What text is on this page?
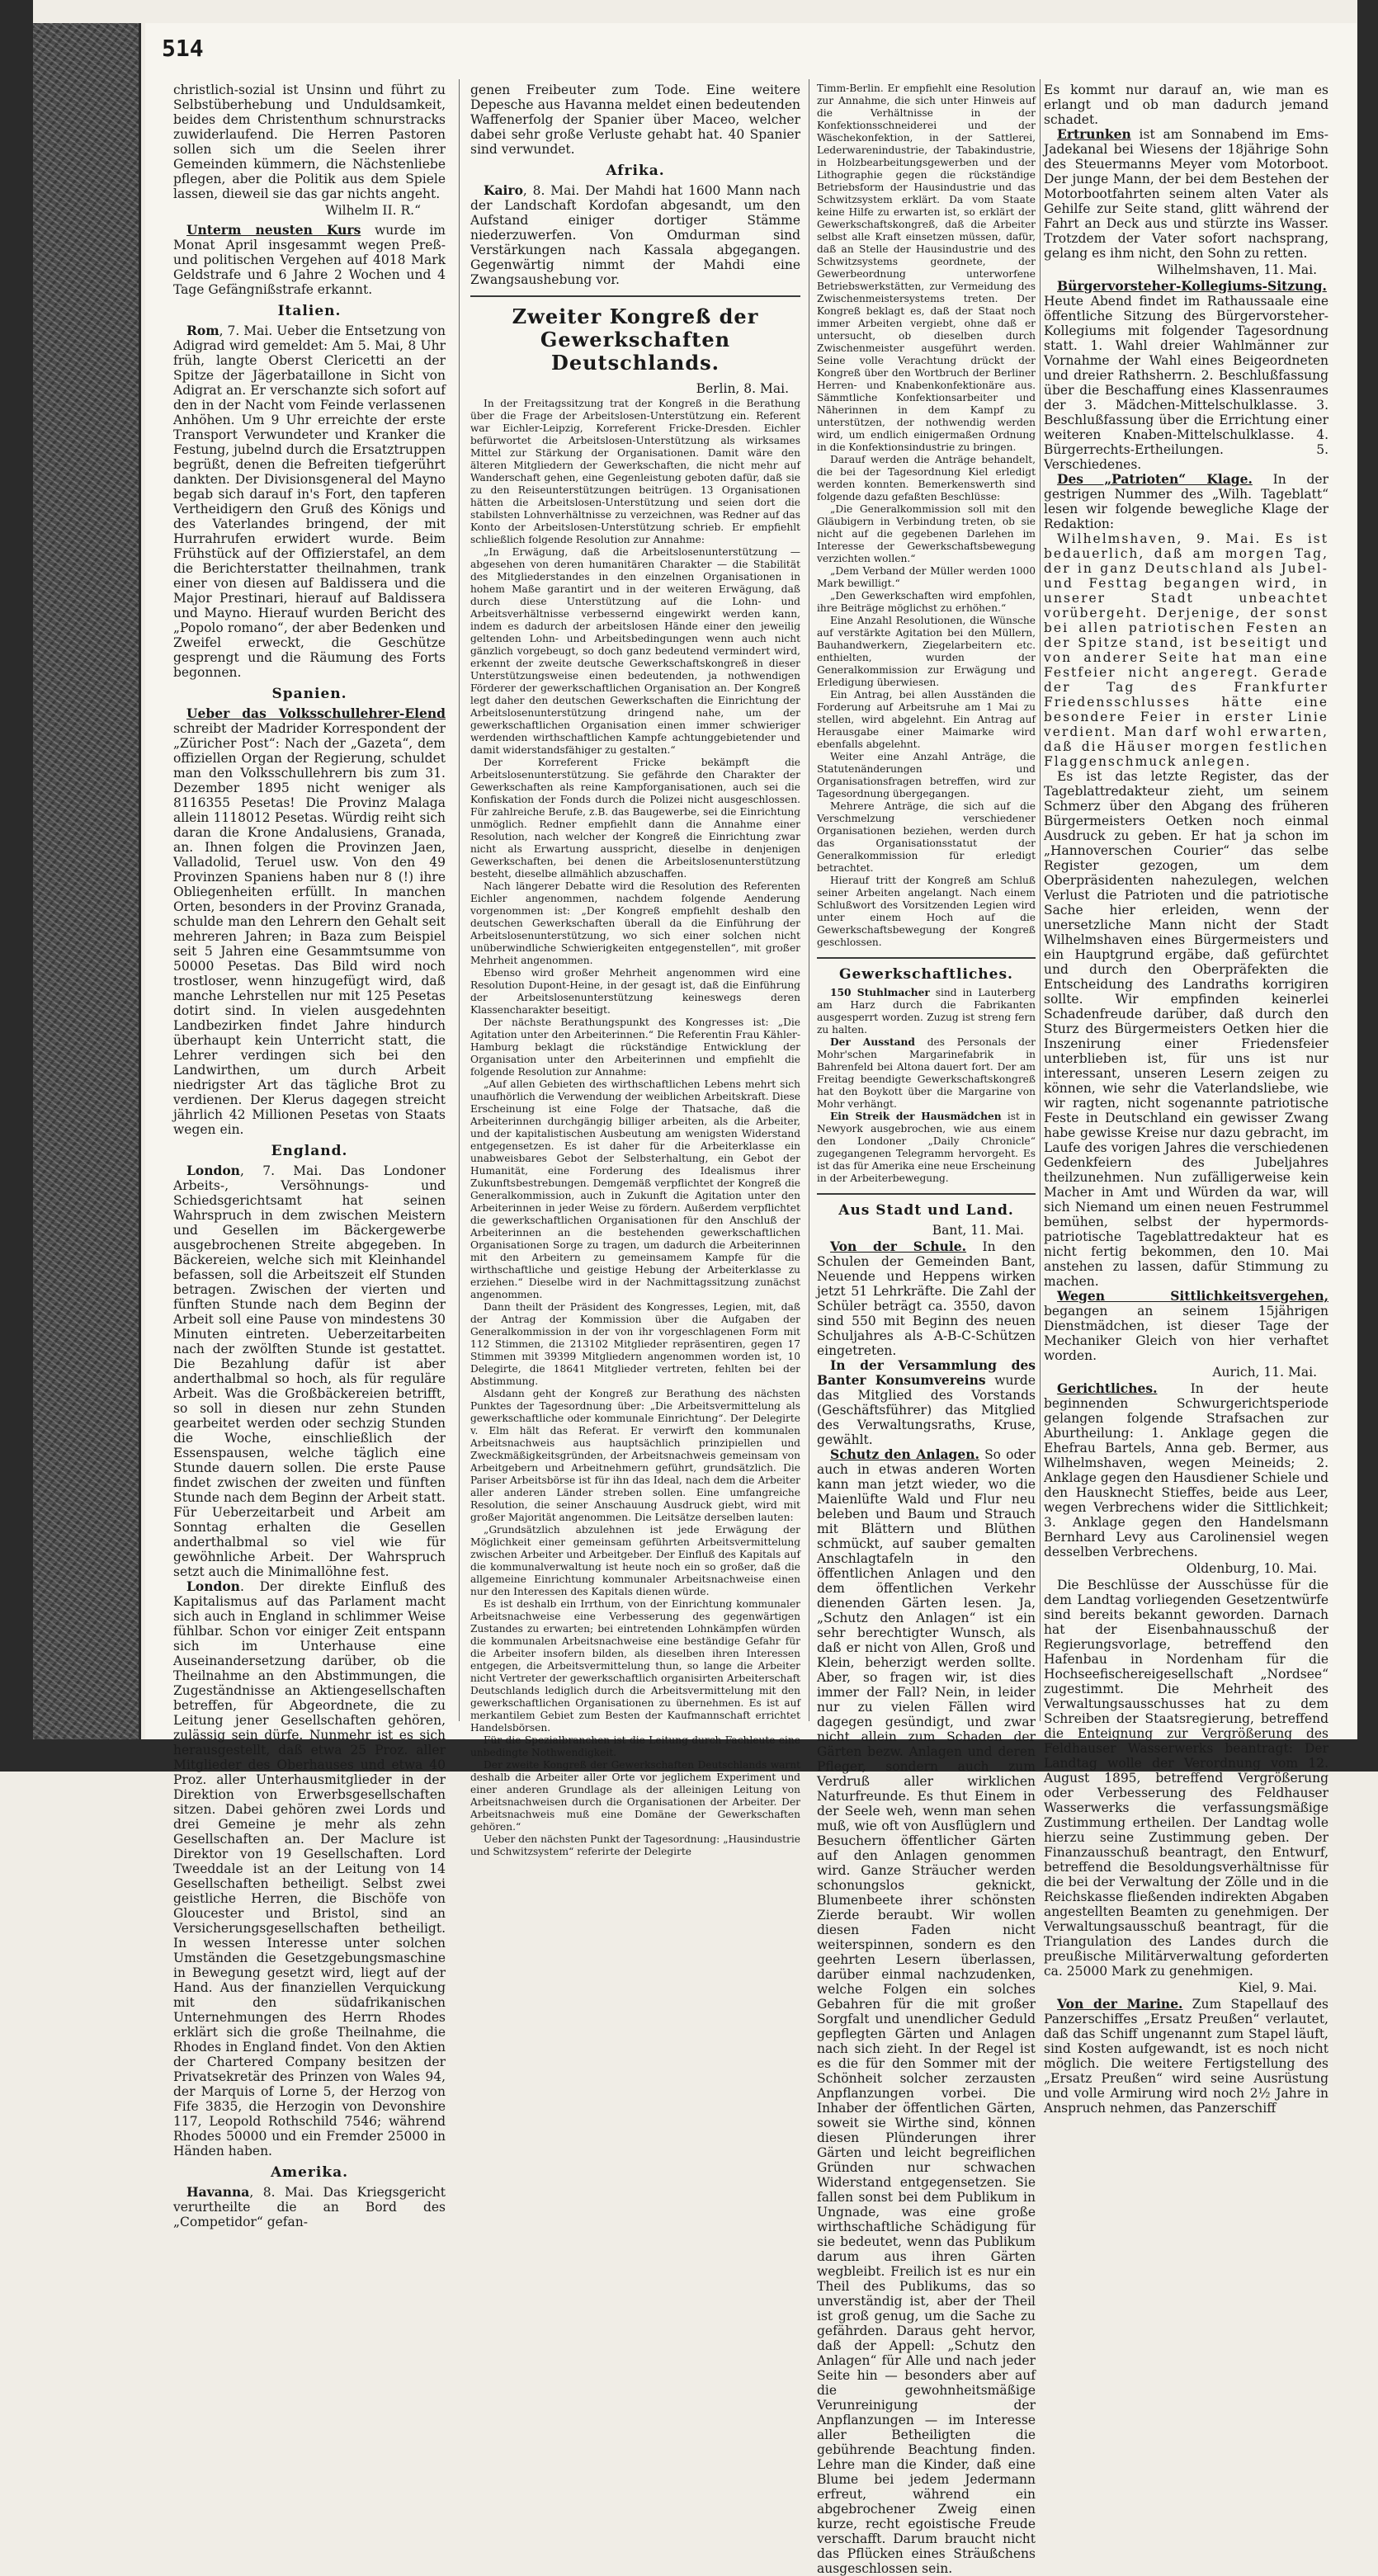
514

christlich-sozial ist Unsinn und führt zu Selbstüberhebung und Unduldsamkeit, beides dem Christenthum schnurstracks zuwiderlaufend. Die Herren Pastoren sollen sich um die Seelen ihrer Gemeinden kümmern, die Nächstenliebe pflegen, aber die Politik aus dem Spiele lassen, dieweil sie das gar nichts angeht.

Wilhelm II. R.“

Unterm neusten Kurs wurde im Monat April insgesammt wegen Preß- und politischen Vergehen auf 4018 Mark Geldstrafe und 6 Jahre 2 Wochen und 4 Tage Gefängnißstrafe erkannt.

Italien.

Rom, 7. Mai. Ueber die Entsetzung von Adigrad wird gemeldet: Am 5. Mai, 8 Uhr früh, langte Oberst Clericetti an der Spitze der Jägerbataillone in Sicht von Adigrat an. Er verschanzte sich sofort auf den in der Nacht vom Feinde verlassenen Anhöhen. Um 9 Uhr erreichte der erste Transport Verwundeter und Kranker die Festung, jubelnd durch die Ersatztruppen begrüßt, denen die Befreiten tiefgerührt dankten. Der Divisionsgeneral del Mayno begab sich darauf in's Fort, den tapferen Vertheidigern den Gruß des Königs und des Vaterlandes bringend, der mit Hurrahrufen erwidert wurde. Beim Frühstück auf der Offizierstafel, an dem die Berichterstatter theilnahmen, trank einer von diesen auf Baldissera und die Major Prestinari, hierauf auf Baldissera und Mayno. Hierauf wurden Bericht des „Popolo romano“, der aber Bedenken und Zweifel erweckt, die Geschütze gesprengt und die Räumung des Forts begonnen.

Spanien.

Ueber das Volksschullehrer-Elend schreibt der Madrider Korrespondent der „Züricher Post“: Nach der „Gazeta“, dem offiziellen Organ der Regierung, schuldet man den Volksschullehrern bis zum 31. Dezember 1895 nicht weniger als 8116355 Pesetas! Die Provinz Malaga allein 1118012 Pesetas. Würdig reiht sich daran die Krone Andalusiens, Granada, an. Ihnen folgen die Provinzen Jaen, Valladolid, Teruel usw. Von den 49 Provinzen Spaniens haben nur 8 (!) ihre Obliegenheiten erfüllt. In manchen Orten, besonders in der Provinz Granada, schulde man den Lehrern den Gehalt seit mehreren Jahren; in Baza zum Beispiel seit 5 Jahren eine Gesammtsumme von 50000 Pesetas. Das Bild wird noch trostloser, wenn hinzugefügt wird, daß manche Lehrstellen nur mit 125 Pesetas dotirt sind. In vielen ausgedehnten Landbezirken findet Jahre hindurch überhaupt kein Unterricht statt, die Lehrer verdingen sich bei den Landwirthen, um durch Arbeit niedrigster Art das tägliche Brot zu verdienen. Der Klerus dagegen streicht jährlich 42 Millionen Pesetas von Staats wegen ein.

England.

London, 7. Mai. Das Londoner Arbeits-, Versöhnungs- und Schiedsgerichtsamt hat seinen Wahrspruch in dem zwischen Meistern und Gesellen im Bäckergewerbe ausgebrochenen Streite abgegeben. In Bäckereien, welche sich mit Kleinhandel befassen, soll die Arbeitszeit elf Stunden betragen. Zwischen der vierten und fünften Stunde nach dem Beginn der Arbeit soll eine Pause von mindestens 30 Minuten eintreten. Ueberzeitarbeiten nach der zwölften Stunde ist gestattet. Die Bezahlung dafür ist aber anderthalbmal so hoch, als für reguläre Arbeit. Was die Großbäckereien betrifft, so soll in diesen nur zehn Stunden gearbeitet werden oder sechzig Stunden die Woche, einschließlich der Essenspausen, welche täglich eine Stunde dauern sollen. Die erste Pause findet zwischen der zweiten und fünften Stunde nach dem Beginn der Arbeit statt. Für Ueberzeitarbeit und Arbeit am Sonntag erhalten die Gesellen anderthalbmal so viel wie für gewöhnliche Arbeit. Der Wahrspruch setzt auch die Minimallöhne fest.

London. Der direkte Einfluß des Kapitalismus auf das Parlament macht sich auch in England in schlimmer Weise fühlbar. Schon vor einiger Zeit entspann sich im Unterhause eine Auseinandersetzung darüber, ob die Theilnahme an den Abstimmungen, die Zugeständnisse an Aktiengesellschaften betreffen, für Abgeordnete, die zu Leitung jener Gesellschaften gehören, zulässig sein dürfe. Nunmehr ist es sich herausgestellt, daß etwa 25 Proz. aller Mitglieder des Oberhauses und etwa 40 Proz. aller Unterhausmitglieder in der Direktion von Erwerbsgesellschaften sitzen. Dabei gehören zwei Lords und drei Gemeine je mehr als zehn Gesellschaften an. Der Maclure ist Direktor von 19 Gesellschaften. Lord Tweeddale ist an der Leitung von 14 Gesellschaften betheiligt. Selbst zwei geistliche Herren, die Bischöfe von Gloucester und Bristol, sind an Versicherungsgesellschaften betheiligt. In wessen Interesse unter solchen Umständen die Gesetzgebungsmaschine in Bewegung gesetzt wird, liegt auf der Hand. Aus der finanziellen Verquickung mit den südafrikanischen Unternehmungen des Herrn Rhodes erklärt sich die große Theilnahme, die Rhodes in England findet. Von den Aktien der Chartered Company besitzen der Privatsekretär des Prinzen von Wales 94, der Marquis of Lorne 5, der Herzog von Fife 3835, die Herzogin von Devonshire 117, Leopold Rothschild 7546; während Rhodes 50000 und ein Fremder 25000 in Händen haben.

Amerika.

Havanna, 8. Mai. Das Kriegsgericht verurtheilte die an Bord des „Competidor“ gefan-

genen Freibeuter zum Tode. Eine weitere Depesche aus Havanna meldet einen bedeutenden Waffenerfolg der Spanier über Maceo, welcher dabei sehr große Verluste gehabt hat. 40 Spanier sind verwundet.

Afrika.

Kairo, 8. Mai. Der Mahdi hat 1600 Mann nach der Landschaft Kordofan abgesandt, um den Aufstand einiger dortiger Stämme niederzuwerfen. Von Omdurman sind Verstärkungen nach Kassala abgegangen. Gegenwärtig nimmt der Mahdi eine Zwangsaushebung vor.

Zweiter Kongreß der Gewerkschaften Deutschlands.
Berlin, 8. Mai.

In der Freitagssitzung trat der Kongreß in die Berathung über die Frage der Arbeitslosen-Unterstützung ein. Referent war Eichler-Leipzig, Korreferent Fricke-Dresden. Eichler befürwortet die Arbeitslosen-Unterstützung als wirksames Mittel zur Stärkung der Organisationen. Damit wäre den älteren Mitgliedern der Gewerkschaften, die nicht mehr auf Wanderschaft gehen, eine Gegenleistung geboten dafür, daß sie zu den Reiseunterstützungen beitrügen. 13 Organisationen hätten die Arbeitslosen-Unterstützung und seien dort die stabilsten Lohnverhältnisse zu verzeichnen, was Redner auf das Konto der Arbeitslosen-Unterstützung schrieb. Er empfiehlt schließlich folgende Resolution zur Annahme:

„In Erwägung, daß die Arbeitslosenunterstützung — abgesehen von deren humanitären Charakter — die Stabilität des Mitgliederstandes in den einzelnen Organisationen in hohem Maße garantirt und in der weiteren Erwägung, daß durch diese Unterstützung auf die Lohn- und Arbeitsverhältnisse verbessernd eingewirkt werden kann, indem es dadurch der arbeitslosen Hände einer den jeweilig geltenden Lohn- und Arbeitsbedingungen wenn auch nicht gänzlich vorgebeugt, so doch ganz bedeutend vermindert wird, erkennt der zweite deutsche Gewerkschaftskongreß in dieser Unterstützungsweise einen bedeutenden, ja nothwendigen Förderer der gewerkschaftlichen Organisation an. Der Kongreß legt daher den deutschen Gewerkschaften die Einrichtung der Arbeitslosenunterstützung dringend nahe, um der gewerkschaftlichen Organisation einen immer schwieriger werdenden wirthschaftlichen Kampfe achtunggebietender und damit widerstandsfähiger zu gestalten.“

Der Korreferent Fricke bekämpft die Arbeitslosenunterstützung. Sie gefährde den Charakter der Gewerkschaften als reine Kampforganisationen, auch sei die Konfiskation der Fonds durch die Polizei nicht ausgeschlossen. Für zahlreiche Berufe, z.B. das Baugewerbe, sei die Einrichtung unmöglich. Redner empfiehlt dann die Annahme einer Resolution, nach welcher der Kongreß die Einrichtung zwar nicht als Erwartung ausspricht, dieselbe in denjenigen Gewerkschaften, bei denen die Arbeitslosenunterstützung besteht, dieselbe allmählich abzuschaffen.

Nach längerer Debatte wird die Resolution des Referenten Eichler angenommen, nachdem folgende Aenderung vorgenommen ist: „Der Kongreß empfiehlt deshalb den deutschen Gewerkschaften überall da die Einführung der Arbeitslosenunterstützung, wo sich einer solchen nicht unüberwindliche Schwierigkeiten entgegenstellen“, mit großer Mehrheit angenommen.

Ebenso wird großer Mehrheit angenommen wird eine Resolution Dupont-Heine, in der gesagt ist, daß die Einführung der Arbeitslosenunterstützung keineswegs deren Klassencharakter beseitigt.

Der nächste Berathungspunkt des Kongresses ist: „Die Agitation unter den Arbeiterinnen.“ Die Referentin Frau Kähler-Hamburg beklagt die rückständige Entwicklung der Organisation unter den Arbeiterinnen und empfiehlt die folgende Resolution zur Annahme:

„Auf allen Gebieten des wirthschaftlichen Lebens mehrt sich unaufhörlich die Verwendung der weiblichen Arbeitskraft. Diese Erscheinung ist eine Folge der Thatsache, daß die Arbeiterinnen durchgängig billiger arbeiten, als die Arbeiter, und der kapitalistischen Ausbeutung am wenigsten Widerstand entgegensetzen. Es ist daher für die Arbeiterklasse ein unabweisbares Gebot der Selbsterhaltung, ein Gebot der Humanität, eine Forderung des Idealismus ihrer Zukunftsbestrebungen. Demgemäß verpflichtet der Kongreß die Generalkommission, auch in Zukunft die Agitation unter den Arbeiterinnen in jeder Weise zu fördern. Außerdem verpflichtet die gewerkschaftlichen Organisationen für den Anschluß der Arbeiterinnen an die bestehenden gewerkschaftlichen Organisationen Sorge zu tragen, um dadurch die Arbeiterinnen mit den Arbeitern zu gemeinsamem Kampfe für die wirthschaftliche und geistige Hebung der Arbeiterklasse zu erziehen.“ Dieselbe wird in der Nachmittagssitzung zunächst angenommen.

Dann theilt der Präsident des Kongresses, Legien, mit, daß der Antrag der Kommission über die Aufgaben der Generalkommission in der von ihr vorgeschlagenen Form mit 112 Stimmen, die 213102 Mitglieder repräsentiren, gegen 17 Stimmen mit 39399 Mitgliedern angenommen worden ist, 10 Delegirte, die 18641 Mitglieder vertreten, fehlten bei der Abstimmung.

Alsdann geht der Kongreß zur Berathung des nächsten Punktes der Tagesordnung über: „Die Arbeitsvermittelung als gewerkschaftliche oder kommunale Einrichtung“. Der Delegirte v. Elm hält das Referat. Er verwirft den kommunalen Arbeitsnachweis aus hauptsächlich prinzipiellen und Zweckmäßigkeitsgründen, der Arbeitsnachweis gemeinsam von Arbeitgebern und Arbeitnehmern geführt, grundsätzlich. Die Pariser Arbeitsbörse ist für ihn das Ideal, nach dem die Arbeiter aller anderen Länder streben sollen. Eine umfangreiche Resolution, die seiner Anschauung Ausdruck giebt, wird mit großer Majorität angenommen. Die Leitsätze derselben lauten:

„Grundsätzlich abzulehnen ist jede Erwägung der Möglichkeit einer gemeinsam geführten Arbeitsvermittelung zwischen Arbeiter und Arbeitgeber. Der Einfluß des Kapitals auf die kommunalverwaltung ist heute noch ein so großer, daß die allgemeine Einrichtung kommunaler Arbeitsnachweise einen nur den Interessen des Kapitals dienen würde.

Es ist deshalb ein Irrthum, von der Einrichtung kommunaler Arbeitsnachweise eine Verbesserung des gegenwärtigen Zustandes zu erwarten; bei eintretenden Lohnkämpfen würden die kommunalen Arbeitsnachweise eine beständige Gefahr für die Arbeiter insofern bilden, als dieselben ihren Interessen entgegen, die Arbeitsvermittelung thun, so lange die Arbeiter nicht Vertreter der gewerkschaftlich organisirten Arbeiterschaft Deutschlands lediglich durch die Arbeitsvermittelung mit den gewerkschaftlichen Organisationen zu übernehmen. Es ist auf merkantilem Gebiet zum Besten der Kaufmannschaft errichtet Handelsbörsen.

Für die Spezialbranchen ist die Leitung durch Fachleute eine unbedingte Nothwendigkeit.

Der zweite Kongreß der Gewerkschaften Deutschlands warnt deshalb die Arbeiter aller Orte vor jeglichem Experiment und einer anderen Grundlage als der alleinigen Leitung von Arbeitsnachweisen durch die Organisationen der Arbeiter. Der Arbeitsnachweis muß eine Domäne der Gewerkschaften gehören.“

Ueber den nächsten Punkt der Tagesordnung: „Hausindustrie und Schwitzsystem“ referirte der Delegirte

Timm-Berlin. Er empfiehlt eine Resolution zur Annahme, die sich unter Hinweis auf die Verhältnisse in der Konfektionsschneiderei und der Wäschekonfektion, in der Sattlerei, Lederwarenindustrie, der Tabakindustrie, in Holzbearbeitungsgewerben und der Lithographie gegen die rückständige Betriebsform der Hausindustrie und das Schwitzsystem erklärt. Da vom Staate keine Hilfe zu erwarten ist, so erklärt der Gewerkschaftskongreß, daß die Arbeiter selbst alle Kraft einsetzen müssen, dafür, daß an Stelle der Hausindustrie und des Schwitzsystems geordnete, der Gewerbeordnung unterworfene Betriebswerkstätten, zur Vermeidung des Zwischenmeistersystems treten. Der Kongreß beklagt es, daß der Staat noch immer Arbeiten vergiebt, ohne daß er untersucht, ob dieselben durch Zwischenmeister ausgeführt werden. Seine volle Verachtung drückt der Kongreß über den Wortbruch der Berliner Herren- und Knabenkonfektionäre aus. Sämmtliche Konfektionsarbeiter und Näherinnen in dem Kampf zu unterstützen, der nothwendig werden wird, um endlich einigermaßen Ordnung in die Konfektionsindustrie zu bringen.

Darauf werden die Anträge behandelt, die bei der Tagesordnung Kiel erledigt werden konnten. Bemerkenswerth sind folgende dazu gefaßten Beschlüsse:

„Die Generalkommission soll mit den Gläubigern in Verbindung treten, ob sie nicht auf die gegebenen Darlehen im Interesse der Gewerkschaftsbewegung verzichten wollen.“

„Dem Verband der Müller werden 1000 Mark bewilligt.“

„Den Gewerkschaften wird empfohlen, ihre Beiträge möglichst zu erhöhen.“

Eine Anzahl Resolutionen, die Wünsche auf verstärkte Agitation bei den Müllern, Bauhandwerkern, Ziegelarbeitern etc. enthielten, wurden der Generalkommission zur Erwägung und Erledigung überwiesen.

Ein Antrag, bei allen Ausständen die Forderung auf Arbeitsruhe am 1 Mai zu stellen, wird abgelehnt. Ein Antrag auf Herausgabe einer Maimarke wird ebenfalls abgelehnt.

Weiter eine Anzahl Anträge, die Statutenänderungen und Organisationsfragen betreffen, wird zur Tagesordnung übergegangen.

Mehrere Anträge, die sich auf die Verschmelzung verschiedener Organisationen beziehen, werden durch das Organisationsstatut der Generalkommission für erledigt betrachtet.

Hierauf tritt der Kongreß am Schluß seiner Arbeiten angelangt. Nach einem Schlußwort des Vorsitzenden Legien wird unter einem Hoch auf die Gewerkschaftsbewegung der Kongreß geschlossen.

Gewerkschaftliches.

150 Stuhlmacher sind in Lauterberg am Harz durch die Fabrikanten ausgesperrt worden. Zuzug ist streng fern zu halten.

Der Ausstand des Personals der Mohr'schen Margarinefabrik in Bahrenfeld bei Altona dauert fort. Der am Freitag beendigte Gewerkschaftskongreß hat den Boykott über die Margarine von Mohr verhängt.

Ein Streik der Hausmädchen ist in Newyork ausgebrochen, wie aus einem den Londoner „Daily Chronicle“ zugegangenen Telegramm hervorgeht. Es ist das für Amerika eine neue Erscheinung in der Arbeiterbewegung.

Aus Stadt und Land.
Bant, 11. Mai.

Von der Schule. In den Schulen der Gemeinden Bant, Neuende und Heppens wirken jetzt 51 Lehrkräfte. Die Zahl der Schüler beträgt ca. 3550, davon sind 550 mit Beginn des neuen Schuljahres als A-B-C-Schützen eingetreten.

In der Versammlung des Banter Konsumvereins wurde das Mitglied des Vorstands (Geschäftsführer) das Mitglied des Verwaltungsraths, Kruse, gewählt.

Schutz den Anlagen. So oder auch in etwas anderen Worten kann man jetzt wieder, wo die Maienlüfte Wald und Flur neu beleben und Baum und Strauch mit Blättern und Blüthen schmückt, auf sauber gemalten Anschlagtafeln in den öffentlichen Anlagen und den dem öffentlichen Verkehr dienenden Gärten lesen. Ja, „Schutz den Anlagen“ ist ein sehr berechtigter Wunsch, als daß er nicht von Allen, Groß und Klein, beherzigt werden sollte. Aber, so fragen wir, ist dies immer der Fall? Nein, in leider nur zu vielen Fällen wird dagegen gesündigt, und zwar nicht allein zum Schaden der Gärten bezw. Anlagen und deren Pfleger, sondern auch zum Verdruß aller wirklichen Naturfreunde. Es thut Einem in der Seele weh, wenn man sehen muß, wie oft von Ausflüglern und Besuchern öffentlicher Gärten auf den Anlagen genommen wird. Ganze Sträucher werden schonungslos geknickt, Blumenbeete ihrer schönsten Zierde beraubt. Wir wollen diesen Faden nicht weiterspinnen, sondern es den geehrten Lesern überlassen, darüber einmal nachzudenken, welche Folgen ein solches Gebahren für die mit großer Sorgfalt und unendlicher Geduld gepflegten Gärten und Anlagen nach sich zieht. In der Regel ist es die für den Sommer mit der Schönheit solcher zerzausten Anpflanzungen vorbei. Die Inhaber der öffentlichen Gärten, soweit sie Wirthe sind, können diesen Plünderungen ihrer Gärten und leicht begreiflichen Gründen nur schwachen Widerstand entgegensetzen. Sie fallen sonst bei dem Publikum in Ungnade, was eine große wirthschaftliche Schädigung für sie bedeutet, wenn das Publikum darum aus ihren Gärten wegbleibt. Freilich ist es nur ein Theil des Publikums, das so unverständig ist, aber der Theil ist groß genug, um die Sache zu gefährden. Daraus geht hervor, daß der Appell: „Schutz den Anlagen“ für Alle und nach jeder Seite hin — besonders aber auf die gewohnheitsmäßige Verunreinigung der Anpflanzungen — im Interesse aller Betheiligten die gebührende Beachtung finden. Lehre man die Kinder, daß eine Blume bei jedem Jedermann erfreut, während ein abgebrochener Zweig einen kurze, recht egoistische Freude verschafft. Darum braucht nicht das Pflücken eines Sträußchens ausgeschlossen sein.

Es kommt nur darauf an, wie man es erlangt und ob man dadurch jemand schadet.

Ertrunken ist am Sonnabend im Ems-Jadekanal bei Wiesens der 18jährige Sohn des Steuermanns Meyer vom Motorboot. Der junge Mann, der bei dem Bestehen der Motorbootfahrten seinem alten Vater als Gehilfe zur Seite stand, glitt während der Fahrt an Deck aus und stürzte ins Wasser. Trotzdem der Vater sofort nachsprang, gelang es ihm nicht, den Sohn zu retten.

Wilhelmshaven, 11. Mai.

Bürgervorsteher-Kollegiums-Sitzung. Heute Abend findet im Rathaussaale eine öffentliche Sitzung des Bürgervorsteher-Kollegiums mit folgender Tagesordnung statt. 1. Wahl dreier Wahlmänner zur Vornahme der Wahl eines Beigeordneten und dreier Rathsherrn. 2. Beschlußfassung über die Beschaffung eines Klassenraumes der 3. Mädchen-Mittelschulklasse. 3. Beschlußfassung über die Errichtung einer weiteren Knaben-Mittelschulklasse. 4. Bürgerrechts-Ertheilungen. 5. Verschiedenes.

Des „Patrioten“ Klage. In der gestrigen Nummer des „Wilh. Tageblatt“ lesen wir folgende bewegliche Klage der Redaktion:

Wilhelmshaven, 9. Mai. Es ist bedauerlich, daß am morgen Tag, der in ganz Deutschland als Jubel- und Festtag begangen wird, in unserer Stadt unbeachtet vorübergeht. Derjenige, der sonst bei allen patriotischen Festen an der Spitze stand, ist beseitigt und von anderer Seite hat man eine Festfeier nicht angeregt. Gerade der Tag des Frankfurter Friedensschlusses hätte eine besondere Feier in erster Linie verdient. Man darf wohl erwarten, daß die Häuser morgen festlichen Flaggenschmuck anlegen.

Es ist das letzte Register, das der Tageblattredakteur zieht, um seinem Schmerz über den Abgang des früheren Bürgermeisters Oetken noch einmal Ausdruck zu geben. Er hat ja schon im „Hannoverschen Courier“ das selbe Register gezogen, um dem Oberpräsidenten nahezulegen, welchen Verlust die Patrioten und die patriotische Sache hier erleiden, wenn der unersetzliche Mann nicht der Stadt Wilhelmshaven eines Bürgermeisters und ein Hauptgrund ergäbe, daß gefürchtet und durch den Oberpräfekten die Entscheidung des Landraths korrigiren sollte. Wir empfinden keinerlei Schadenfreude darüber, daß durch den Sturz des Bürgermeisters Oetken hier die Inszenirung einer Friedensfeier unterblieben ist, für uns ist nur interessant, unseren Lesern zeigen zu können, wie sehr die Vaterlandsliebe, wie wir ragten, nicht sogenannte patriotische Feste in Deutschland ein gewisser Zwang habe gewisse Kreise nur dazu gebracht, im Laufe des vorigen Jahres die verschiedenen Gedenkfeiern des Jubeljahres theilzunehmen. Nun zufälligerweise kein Macher in Amt und Würden da war, will sich Niemand um einen neuen Festrummel bemühen, selbst der hypermords-patriotische Tageblattredakteur hat es nicht fertig bekommen, den 10. Mai anstehen zu lassen, dafür Stimmung zu machen.

Wegen Sittlichkeitsvergehen, begangen an seinem 15jährigen Dienstmädchen, ist dieser Tage der Mechaniker Gleich von hier verhaftet worden.

Aurich, 11. Mai.

Gerichtliches. In der heute beginnenden Schwurgerichtsperiode gelangen folgende Strafsachen zur Aburtheilung: 1. Anklage gegen die Ehefrau Bartels, Anna geb. Bermer, aus Wilhelmshaven, wegen Meineids; 2. Anklage gegen den Hausdiener Schiele und den Hausknecht Stieffes, beide aus Leer, wegen Verbrechens wider die Sittlichkeit; 3. Anklage gegen den Handelsmann Bernhard Levy aus Carolinensiel wegen desselben Verbrechens.

Oldenburg, 10. Mai.

Die Beschlüsse der Ausschüsse für die dem Landtag vorliegenden Gesetzentwürfe sind bereits bekannt geworden. Darnach hat der Eisenbahnausschuß der Regierungsvorlage, betreffend den Hafenbau in Nordenham für die Hochseefischereigesellschaft „Nordsee“ zugestimmt. Die Mehrheit des Verwaltungsausschusses hat zu dem Schreiben der Staatsregierung, betreffend die Enteignung zur Vergrößerung des Feldhauser Wasserwerks beantragt: Der Landtag wolle der Verordnung vom 12. August 1895, betreffend Vergrößerung oder Verbesserung des Feldhauser Wasserwerks die verfassungsmäßige Zustimmung ertheilen. Der Landtag wolle hierzu seine Zustimmung geben. Der Finanzausschuß beantragt, den Entwurf, betreffend die Besoldungsverhältnisse für die bei der Verwaltung der Zölle und in die Reichskasse fließenden indirekten Abgaben angestellten Beamten zu genehmigen. Der Verwaltungsausschuß beantragt, für die Triangulation des Landes durch die preußische Militärverwaltung geforderten ca. 25000 Mark zu genehmigen.

Kiel, 9. Mai.

Von der Marine. Zum Stapellauf des Panzerschiffes „Ersatz Preußen“ verlautet, daß das Schiff ungenannt zum Stapel läuft, sind Kosten aufgewandt, ist es noch nicht möglich. Die weitere Fertigstellung des „Ersatz Preußen“ wird seine Ausrüstung und volle Armirung wird noch 2½ Jahre in Anspruch nehmen, das Panzerschiff
